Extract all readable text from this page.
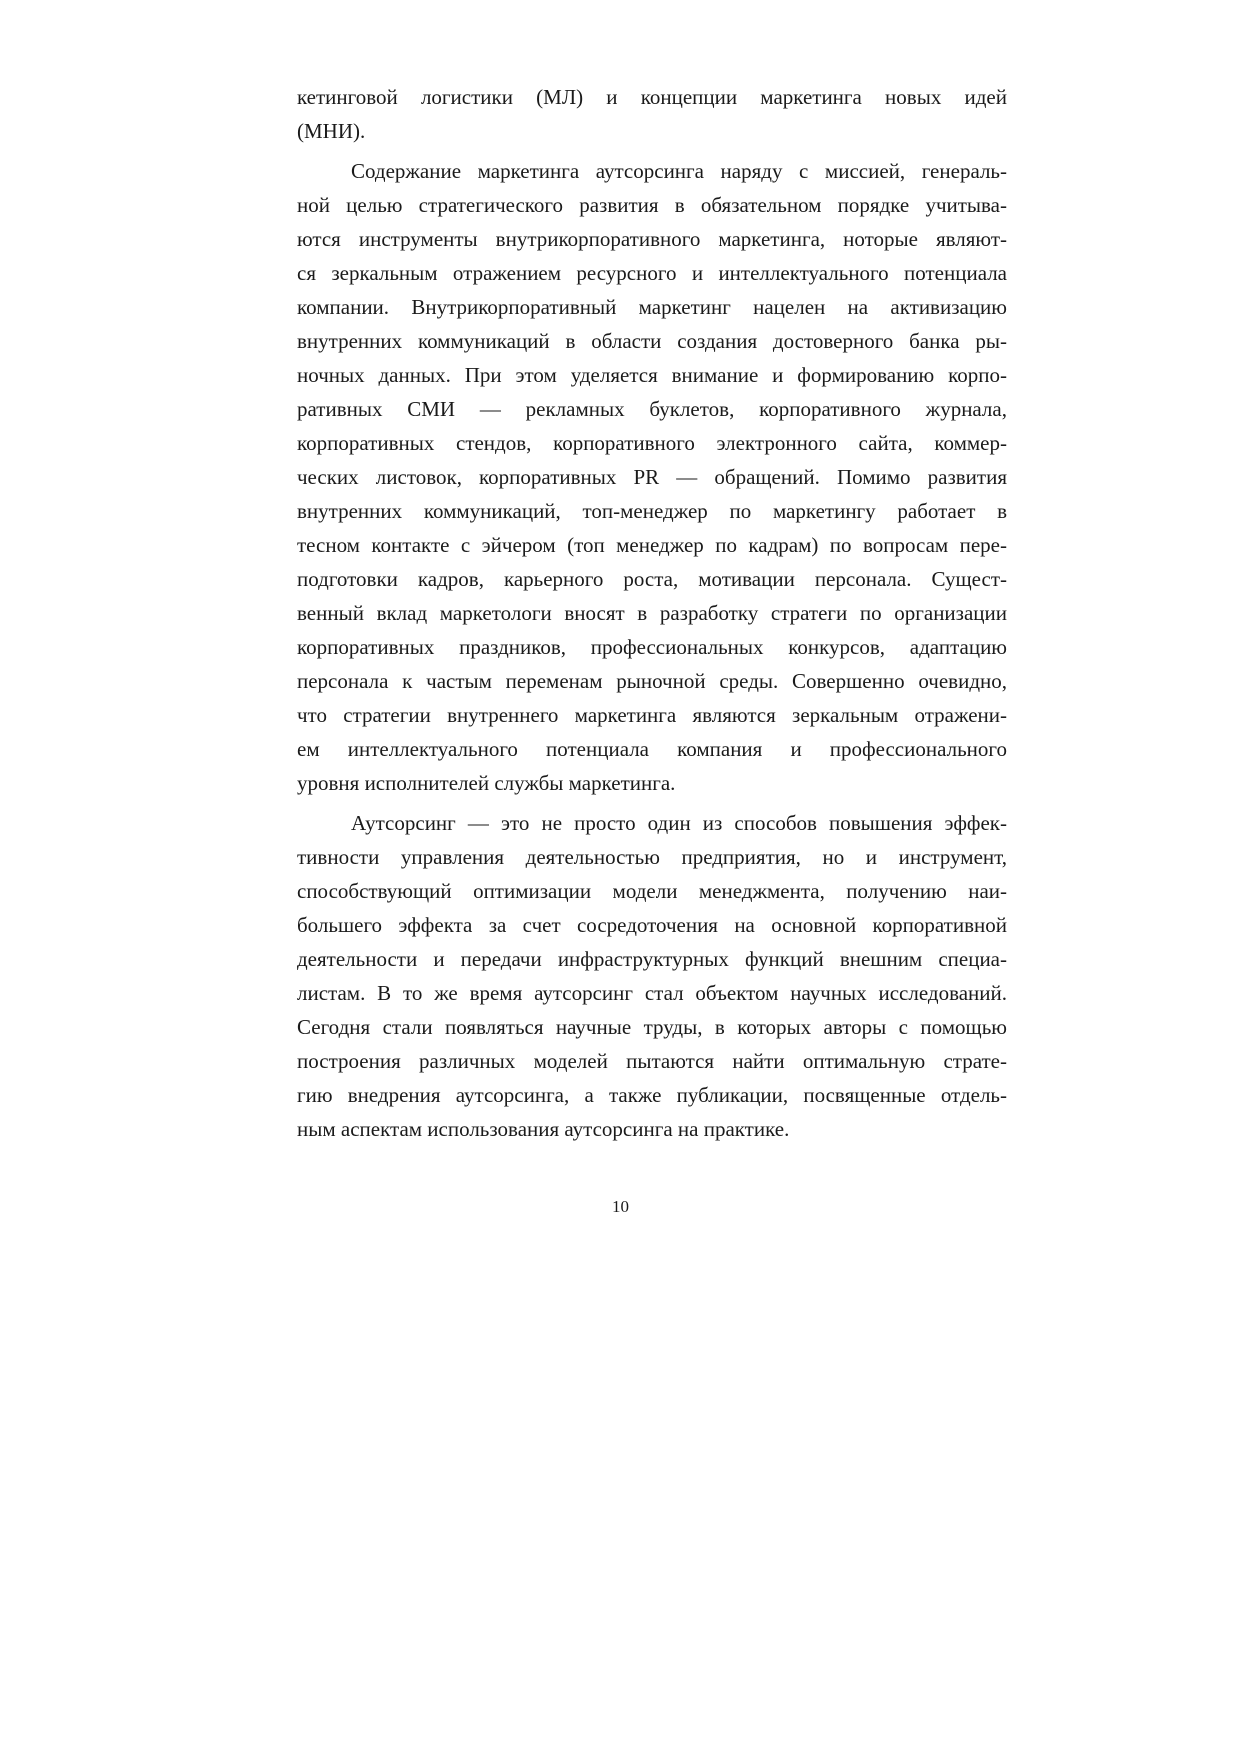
кетинговой логистики (МЛ) и концепции маркетинга новых идей
(МНИ).
Содержание маркетинга аутсорсинга наряду с миссией, генераль-
ной целью стратегического развития в обязательном порядке учитыва-
ются инструменты внутрикорпоративного маркетинга, ноторые являют-
ся зеркальным отражением ресурсного и интеллектуального потенциала
компании. Внутрикорпоративный маркетинг нацелен на активизацию
внутренних коммуникаций в области создания достоверного банка ры-
ночных данных. При этом уделяется внимание и формированию корпо-
ративных СМИ — рекламных буклетов, корпоративного журнала,
корпоративных стендов, корпоративного электронного сайта, коммер-
ческих листовок, корпоративных PR — обращений. Помимо развития
внутренних коммуникаций, топ-менеджер по маркетингу работает в
тесном контакте с эйчером (топ менеджер по кадрам) по вопросам пере-
подготовки кадров, карьерного роста, мотивации персонала. Сущест-
венный вклад маркетологи вносят в разработку стратеги по организации
корпоративных праздников, профессиональных конкурсов, адаптацию
персонала к частым переменам рыночной среды. Совершенно очевидно,
что стратегии внутреннего маркетинга являются зеркальным отражени-
ем интеллектуального потенциала компания и профессионального
уровня исполнителей службы маркетинга.
Аутсорсинг — это не просто один из способов повышения эффек-
тивности управления деятельностью предприятия, но и инструмент,
способствующий оптимизации модели менеджмента, получению наи-
большего эффекта за счет сосредоточения на основной корпоративной
деятельности и передачи инфраструктурных функций внешним специа-
листам. В то же время аутсорсинг стал объектом научных исследований.
Сегодня стали появляться научные труды, в которых авторы с помощью
построения различных моделей пытаются найти оптимальную страте-
гию внедрения аутсорсинга, а также публикации, посвященные отдель-
ным аспектам использования аутсорсинга на практике.
10
